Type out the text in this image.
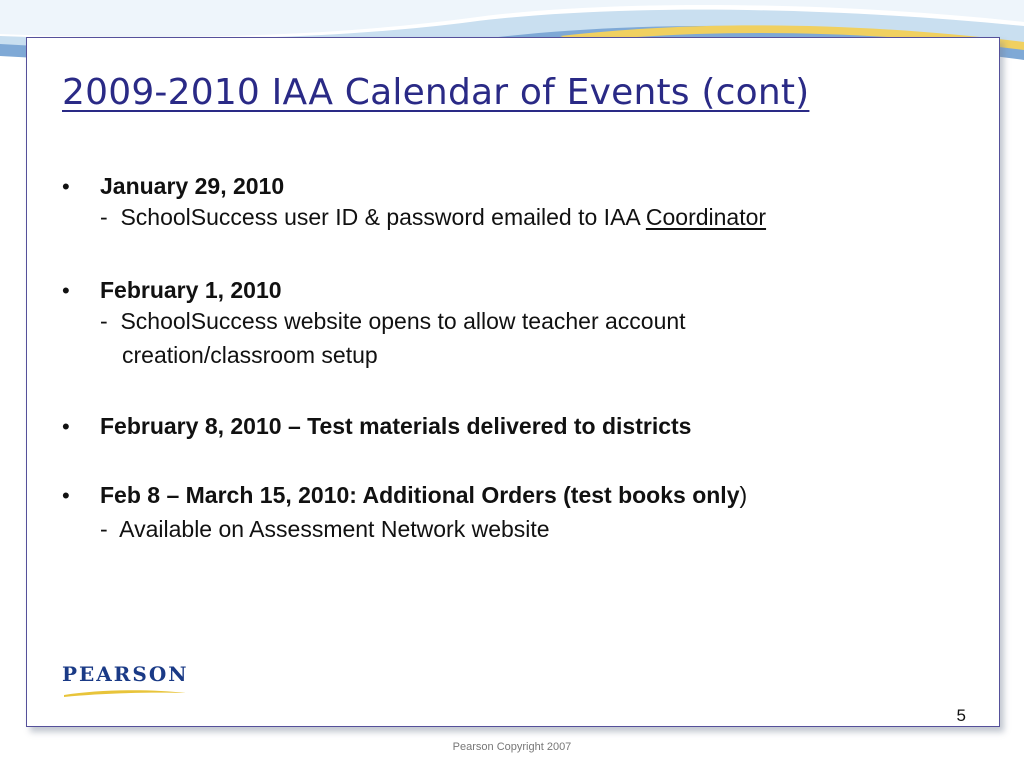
2009-2010 IAA Calendar of Events (cont)
•	January 29, 2010
-  SchoolSuccess user ID & password emailed to IAA Coordinator
•	February 1, 2010
-  SchoolSuccess website opens to allow teacher account
creation/classroom setup
•	February 8, 2010 – Test materials delivered to districts
•	Feb 8 – March 15, 2010: Additional Orders (test books only)
-  Available on Assessment Network website
PEARSON
5
Pearson Copyright 2007
